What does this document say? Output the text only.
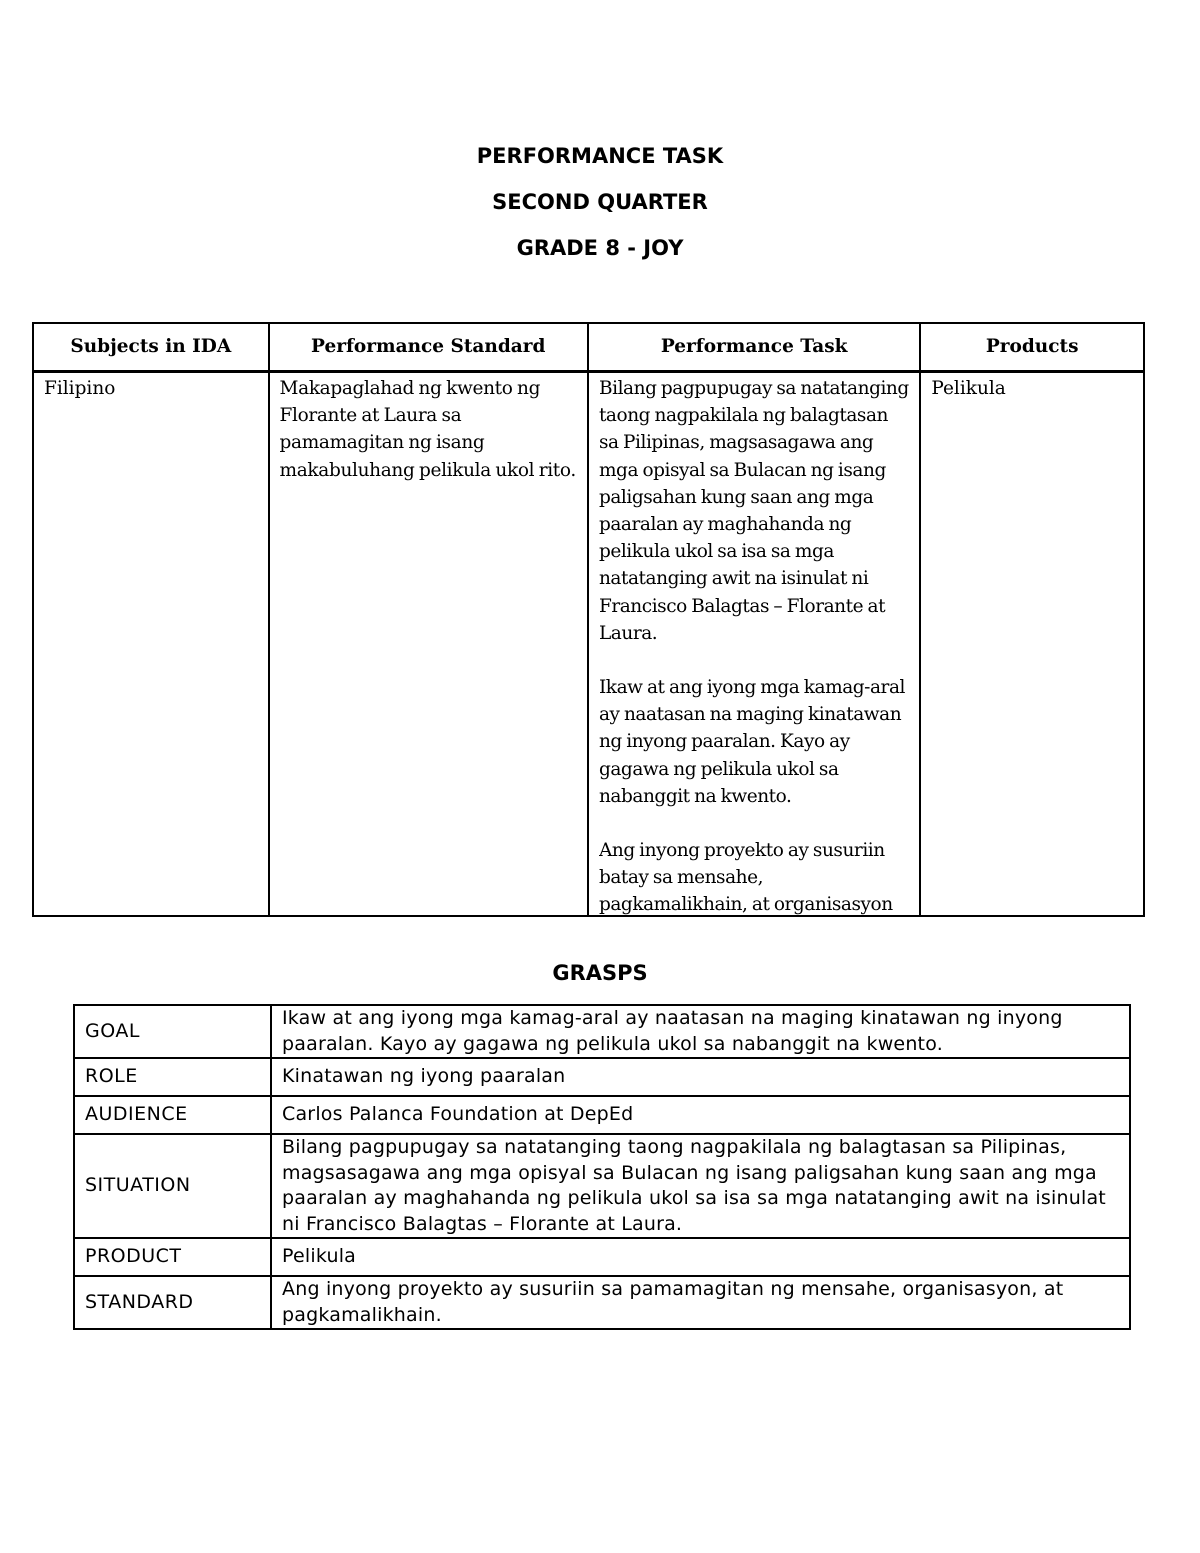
PERFORMANCE TASK
SECOND QUARTER
GRADE 8 - JOY
Subjects in IDA	Performance Standard	Performance Task	Products
Filipino	Makapaglahad ng kwento ng Florante at Laura sa pamamagitan ng isang makabuluhang pelikula ukol rito.	Bilang pagpupugay sa natatanging taong nagpakilala ng balagtasan sa Pilipinas, magsasagawa ang mga opisyal sa Bulacan ng isang paligsahan kung saan ang mga paaralan ay maghahanda ng pelikula ukol sa isa sa mga natatanging awit na isinulat ni Francisco Balagtas – Florante at Laura.

Ikaw at ang iyong mga kamag-aral ay naatasan na maging kinatawan ng inyong paaralan. Kayo ay gagawa ng pelikula ukol sa nabanggit na kwento.

Ang inyong proyekto ay susuriin batay sa mensahe, pagkamalikhain, at organisasyon	Pelikula
GRASPS
GOAL	Ikaw at ang iyong mga kamag-aral ay naatasan na maging kinatawan ng inyong paaralan. Kayo ay gagawa ng pelikula ukol sa nabanggit na kwento.
ROLE	Kinatawan ng iyong paaralan
AUDIENCE	Carlos Palanca Foundation at DepEd
SITUATION	Bilang pagpupugay sa natatanging taong nagpakilala ng balagtasan sa Pilipinas, magsasagawa ang mga opisyal sa Bulacan ng isang paligsahan kung saan ang mga paaralan ay maghahanda ng pelikula ukol sa isa sa mga natatanging awit na isinulat ni Francisco Balagtas – Florante at Laura.
PRODUCT	Pelikula
STANDARD	Ang inyong proyekto ay susuriin sa pamamagitan ng mensahe, organisasyon, at pagkamalikhain.
